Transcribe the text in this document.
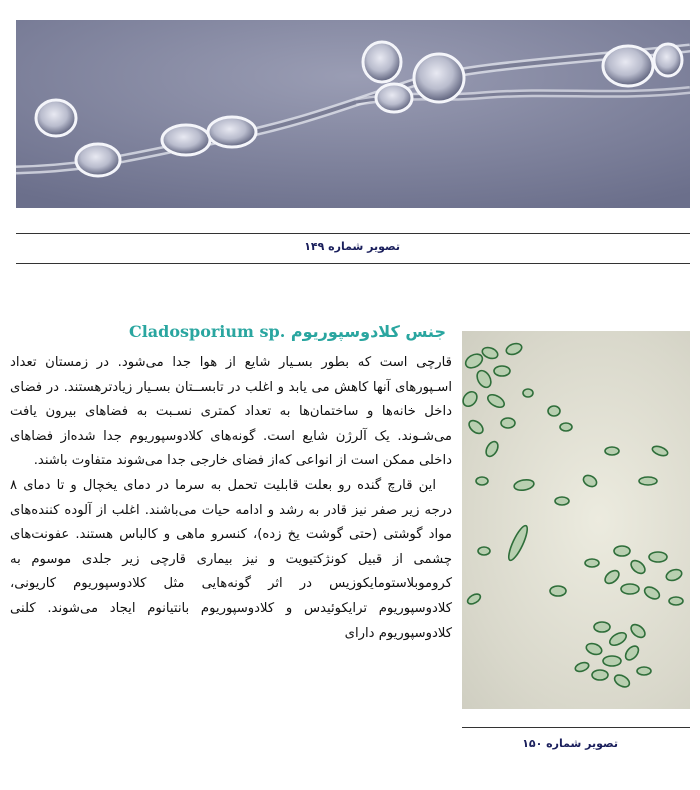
تصویر شماره ۱۴۹
جنس کلادوسپوریوم Cladosporium sp.

قارچی است که بطور بسـیار شایع از هوا جدا می‌شود. در زمستان تعداد اسـپورهای آنها کاهش می یابد و اغلب در تابســتان بسـیار زیادترهستند. در فضای داخل خانه‌ها و ساختمان‌ها به تعداد کمتری نسـبت به فضاهای بیرون یافت می‌شـوند. یک آلرژن شایع است. گونه‌های کلادوسپوریوم جدا شده‌از فضاهای داخلی ممکن است از انواعی که‌از فضای خارجی جدا می‌شوند متفاوت باشند.

این قارچ گنده رو بعلت قابلیت تحمل به سرما در دمای یخچال و تا دمای ۸ درجه زیر صفر نیز قادر به رشد و ادامه حیات می‌باشند. اغلب از آلوده کننده‌های مواد گوشتی (حتی گوشت یخ زده)، کنسرو ماهی و کالباس هستند. عفونت‌های چشمی از قبیل کونژکتیویت و نیز بیماری قارچی زیر جلدی موسوم به کروموبلاستومایکوزیس در اثر گونه‌هایی مثل کلادوسپوریوم کاریونی، کلادوسپوریوم ترایکوئیدس و کلادوسپوریوم بانتیانوم ایجاد می‌شوند. کلنی کلادوسپوریوم دارای

تصویر شماره ۱۵۰
